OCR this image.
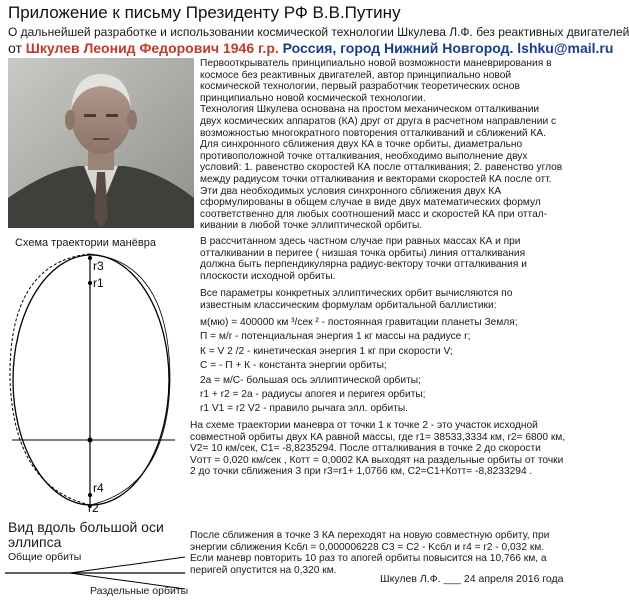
Приложение к письму Президенту РФ В.В.Путину
О дальнейшей разработке и использовании космической технологии Шкулева Л.Ф. без реактивных двигателей
от Шкулев Леонид Федорович 1946 г.р. Россия, город Нижний Новгород. lshku@mail.ru
Первооткрыватель принципиально новой возможности маневрирования в
космосе без реактивных двигателей, автор принципиально новой
космической технологии, первый разработчик теоретических основ
принципиально новой космической технологии.
Технология Шкулева основана на простом механическом отталкивании
двух космических аппаратов (КА) друг от друга в расчетном направлении с
возможностью многократного повторения отталкиваний и сближений КА.
Для синхронного сближения двух КА в точке орбиты, диаметрально
противоположной точке отталкивания, необходимо выполнение двух
условий: 1. равенство скоростей КА после отталкивания; 2. равенство углов
между радиусом точки отталкивания и векторами скоростей КА после отт.
Эти два необходимых условия синхронного сближения двух КА
сформулированы в общем случае в виде двух математических формул
соответственно для любых соотношений масс и скоростей КА при оттал-
кивании в любой точке эллиптической орбиты.
В рассчитанном здесь частном случае при равных массах КА и при
отталкивании в перигее ( низшая точка орбиты) линия отталкивания
должна быть перпендикулярна радиус-вектору точки отталкивания и
плоскости исходной орбиты.
Все параметры конкретных эллиптических орбит вычисляются по
известным классическим формулам орбитальной баллистики:
м(мю) = 400000 км ³/сек ² - постоянная гравитации планеты Земля;
П = м/r - потенциальная энергия 1 кг массы на радиусе r;
К = V 2 /2 - кинетическая энергия 1 кг при скорости V;
С = - П + К - константа энергии орбиты;
2a = м/С- большая ось эллиптической орбиты;
r1 + r2 = 2a - радиусы апогея и перигея орбиты;
r1 V1 = r2 V2 - правило рычага элл. орбиты.
На схеме траектории маневра от точки 1 к точке 2 - это участок исходной
совместной орбиты двух КА равной массы, где r1= 38533,3334 км, r2= 6800 км,
V2= 10 км/сек, C1= -8,8235294. После отталкивания в точке 2 до скорости
Vотт = 0,020 км/сек , Котт = 0,0002 КА выходят на раздельные орбиты от точки
2 до точки сближения 3 при r3=r1+ 1,0766 км, С2=С1+Котт= -8,8233294 .
После сближения в точке 3 КА переходят на новую совместную орбиту, при
энергии сближения Kсбл = 0,000006228 С3 = С2 - Kсбл и r4 = r2 - 0,032 км.
Если маневр повторить 10 раз то апогей орбиты повысится на 10,766 км, а
перигей опустится на 0,320 км.
Схема траектории манёвра
r3
r1
r4
r2
Вид вдоль большой оси эллипса
Общие орбиты
Раздельные орбиты
Шкулев Л.Ф. ___ 24 апреля 2016 года
